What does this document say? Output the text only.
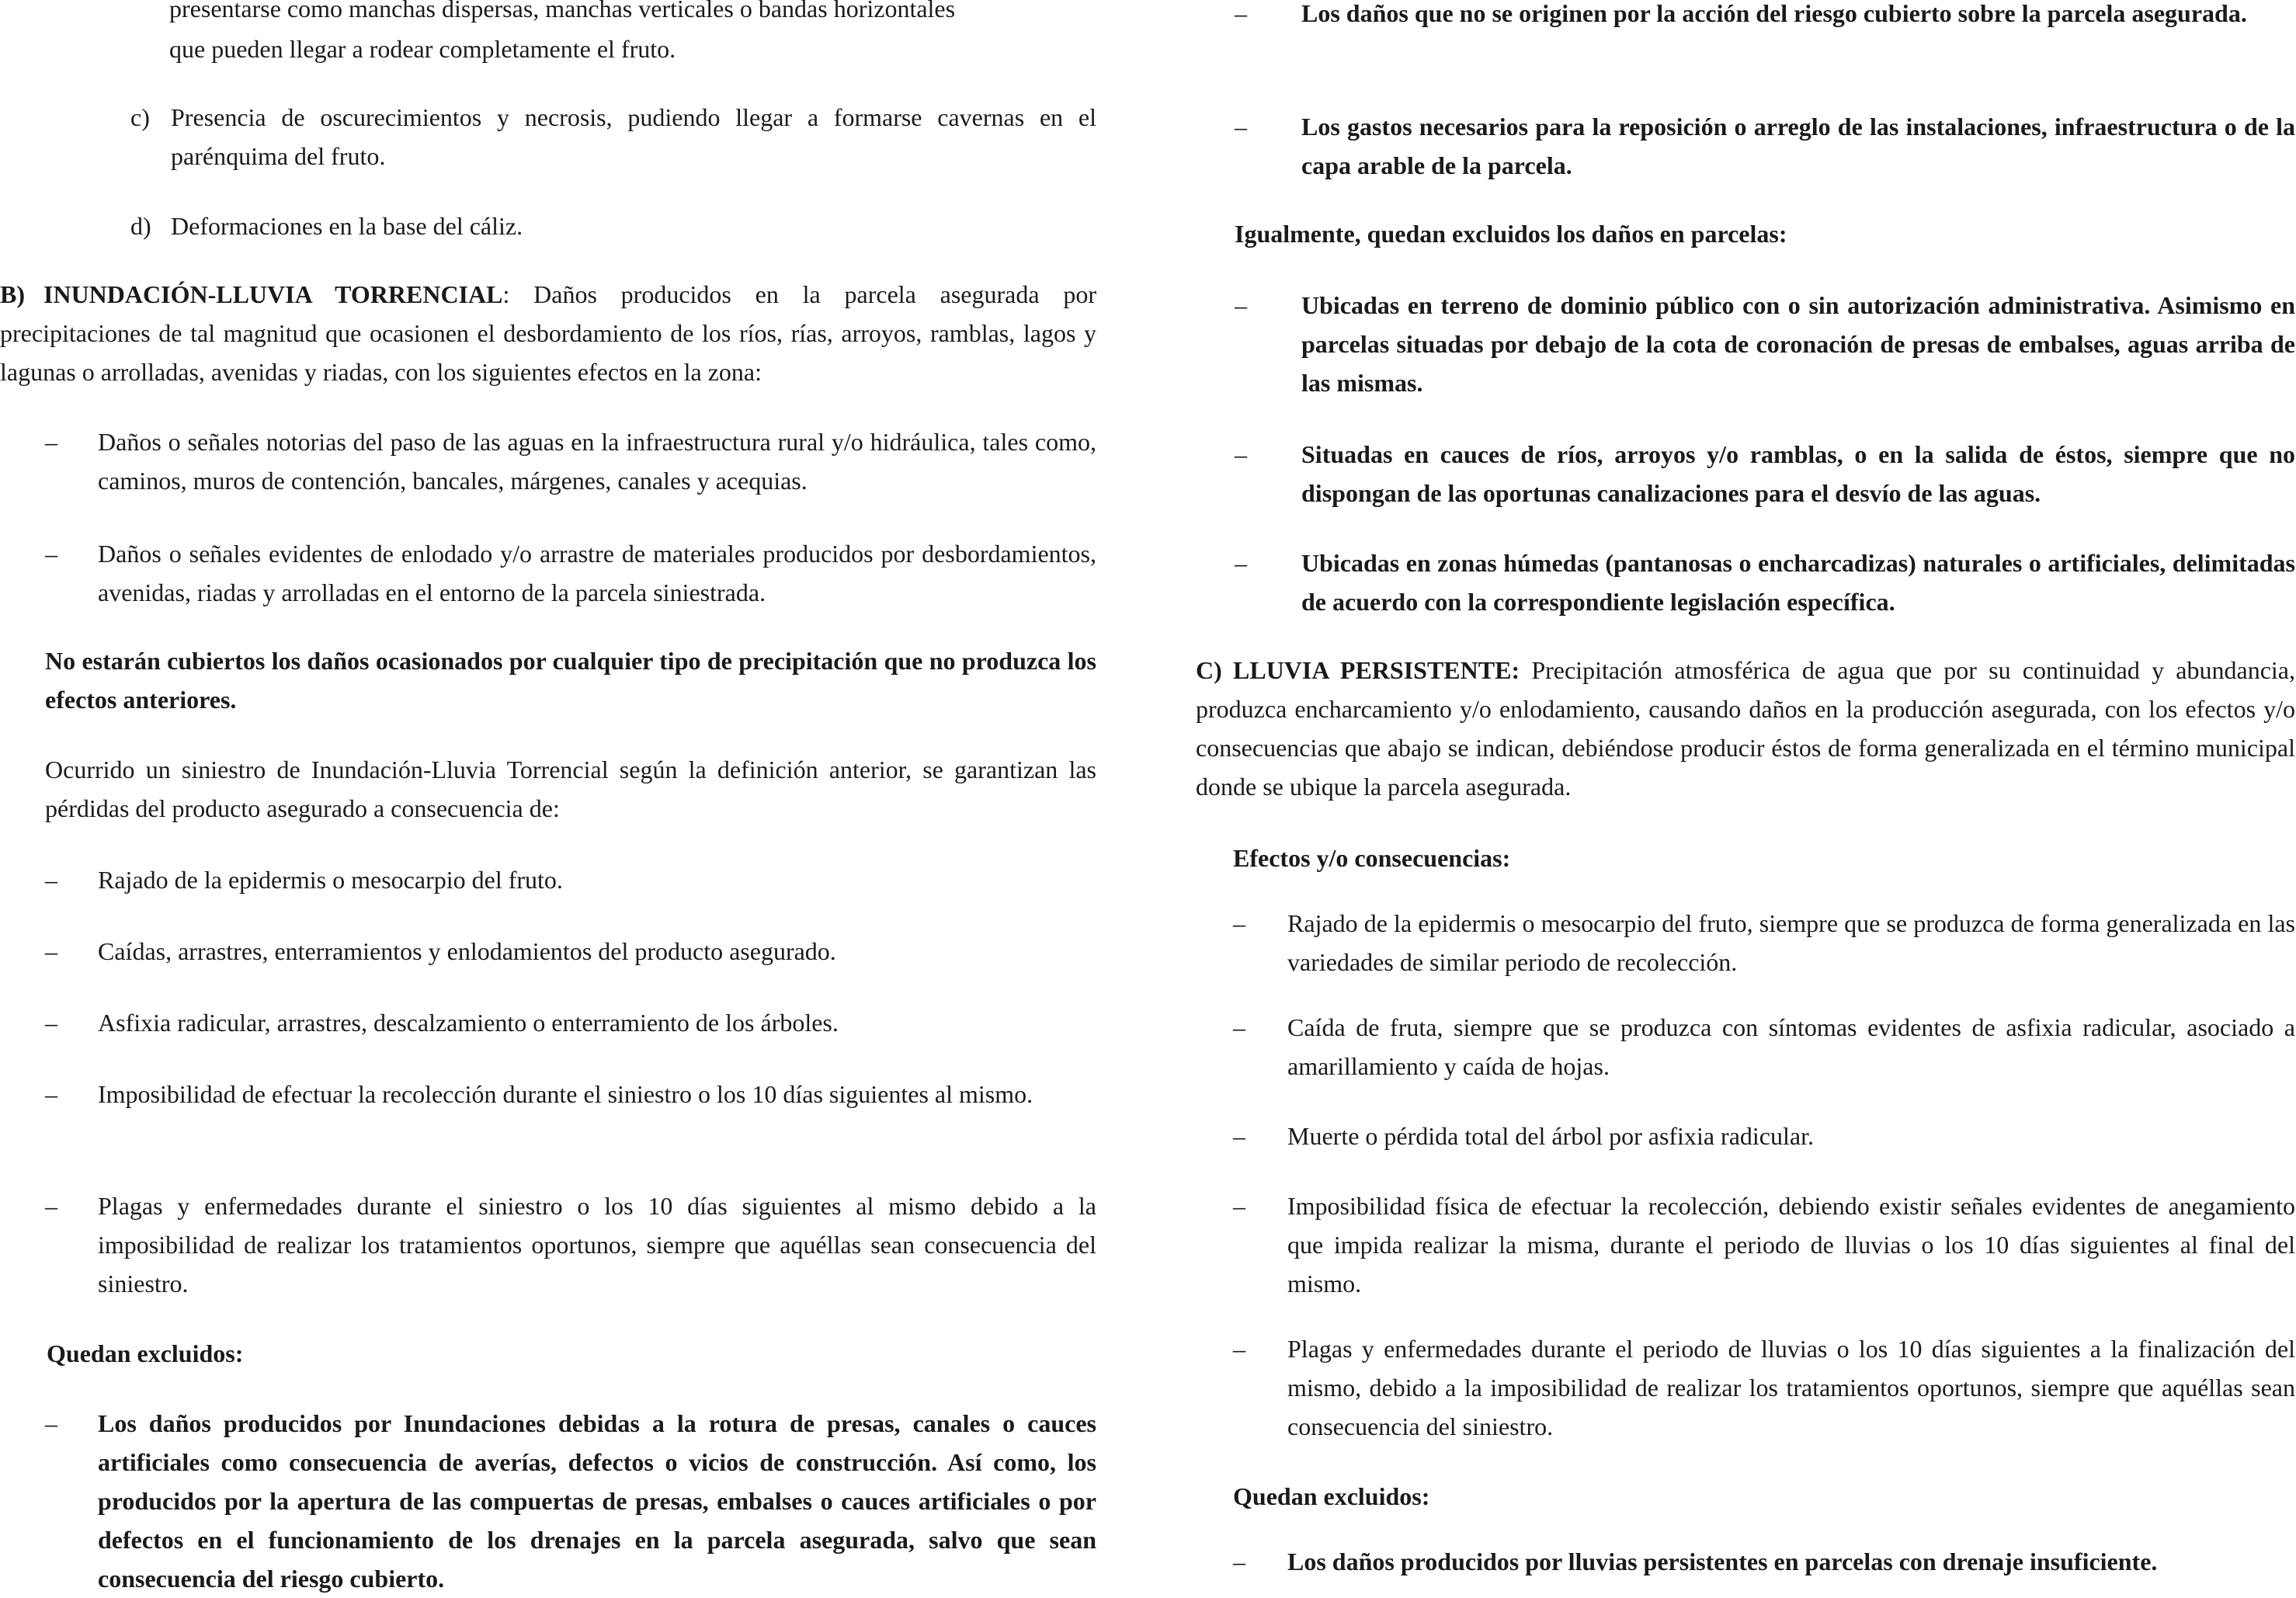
presentarse como manchas dispersas, manchas verticales o bandas horizontales

que pueden llegar a rodear completamente el fruto.

c) Presencia de oscurecimientos y necrosis, pudiendo llegar a formarse cavernas en el parénquima del fruto.

d) Deformaciones en la base del cáliz.

B) INUNDACIÓN-LLUVIA TORRENCIAL: Daños producidos en la parcela asegurada por precipitaciones de tal magnitud que ocasionen el desbordamiento de los ríos, rías, arroyos, ramblas, lagos y lagunas o arrolladas, avenidas y riadas, con los siguientes efectos en la zona:

–	Daños o señales notorias del paso de las aguas en la infraestructura rural y/o hidráulica, tales como, caminos, muros de contención, bancales, márgenes, canales y acequias.

–	Daños o señales evidentes de enlodado y/o arrastre de materiales producidos por desbordamientos, avenidas, riadas y arrolladas en el entorno de la parcela siniestrada.

No estarán cubiertos los daños ocasionados por cualquier tipo de precipitación que no produzca los efectos anteriores.

Ocurrido un siniestro de Inundación-Lluvia Torrencial según la definición anterior, se garantizan las pérdidas del producto asegurado a consecuencia de:

–	Rajado de la epidermis o mesocarpio del fruto.

–	Caídas, arrastres, enterramientos y enlodamientos del producto asegurado.

–	Asfixia radicular, arrastres, descalzamiento o enterramiento de los árboles.

–	Imposibilidad de efectuar la recolección durante el siniestro o los 10 días siguientes al mismo.

–	Plagas y enfermedades durante el siniestro o los 10 días siguientes al mismo debido a la imposibilidad de realizar los tratamientos oportunos, siempre que aquéllas sean consecuencia del siniestro.

Quedan excluidos:

–	Los daños producidos por Inundaciones debidas a la rotura de presas, canales o cauces artificiales como consecuencia de averías, defectos o vicios de construcción. Así como, los producidos por la apertura de las compuertas de presas, embalses o cauces artificiales o por defectos en el funcionamiento de los drenajes en la parcela asegurada, salvo que sean consecuencia del riesgo cubierto.

–	Los daños que no se originen por la acción del riesgo cubierto sobre la parcela asegurada.

–	Los gastos necesarios para la reposición o arreglo de las instalaciones, infraestructura o de la capa arable de la parcela.

Igualmente, quedan excluidos los daños en parcelas:

–	Ubicadas en terreno de dominio público con o sin autorización administrativa. Asimismo en parcelas situadas por debajo de la cota de coronación de presas de embalses, aguas arriba de las mismas.

–	Situadas en cauces de ríos, arroyos y/o ramblas, o en la salida de éstos, siempre que no dispongan de las oportunas canalizaciones para el desvío de las aguas.

–	Ubicadas en zonas húmedas (pantanosas o encharcadizas) naturales o artificiales, delimitadas de acuerdo con la correspondiente legislación específica.

C) LLUVIA PERSISTENTE: Precipitación atmosférica de agua que por su continuidad y abundancia, produzca encharcamiento y/o enlodamiento, causando daños en la producción asegurada, con los efectos y/o consecuencias que abajo se indican, debiéndose producir éstos de forma generalizada en el término municipal donde se ubique la parcela asegurada.

Efectos y/o consecuencias:

–	Rajado de la epidermis o mesocarpio del fruto, siempre que se produzca de forma generalizada en las variedades de similar periodo de recolección.

–	Caída de fruta, siempre que se produzca con síntomas evidentes de asfixia radicular, asociado a amarillamiento y caída de hojas.

–	Muerte o pérdida total del árbol por asfixia radicular.

–	Imposibilidad física de efectuar la recolección, debiendo existir señales evidentes de anegamiento que impida realizar la misma, durante el periodo de lluvias o los 10 días siguientes al final del mismo.

–	Plagas y enfermedades durante el periodo de lluvias o los 10 días siguientes a la finalización del mismo, debido a la imposibilidad de realizar los tratamientos oportunos, siempre que aquéllas sean consecuencia del siniestro.

Quedan excluidos:

–	Los daños producidos por lluvias persistentes en parcelas con drenaje insuficiente.
